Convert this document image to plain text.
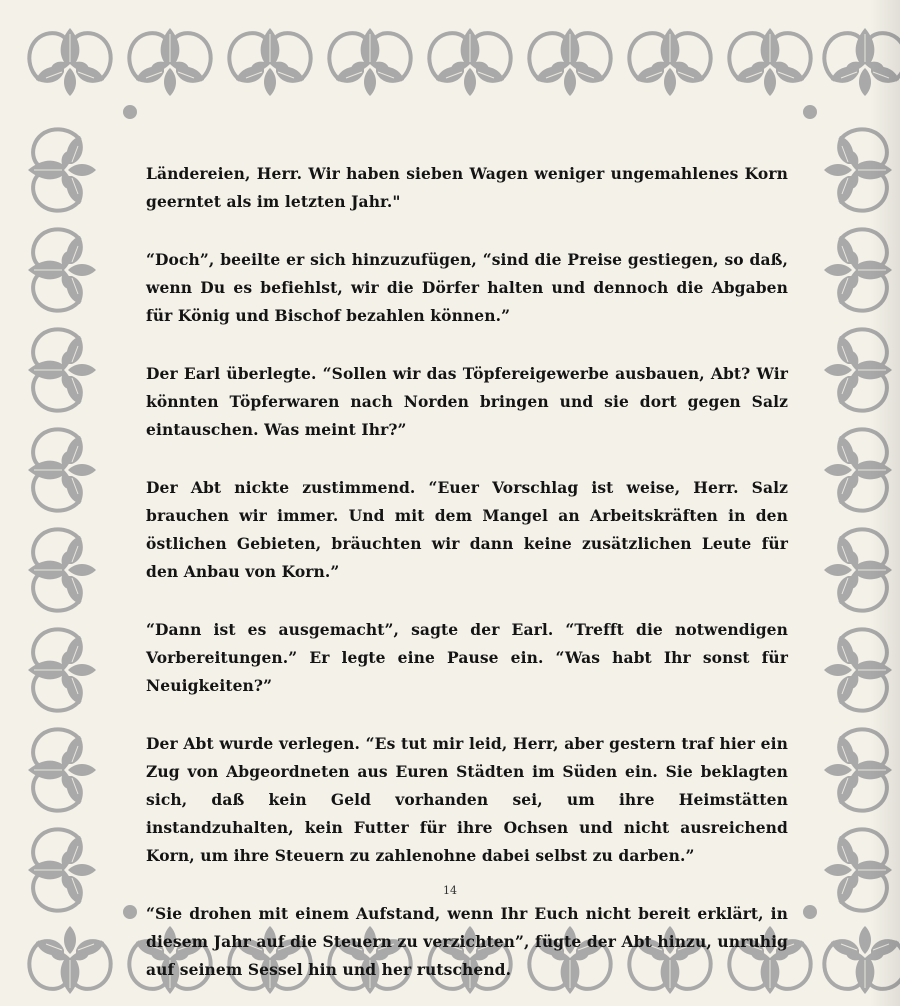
Ländereien, Herr. Wir haben sieben Wagen weniger ungemahlenes Korn geerntet als im letzten Jahr."

“Doch”, beeilte er sich hinzuzufügen, “sind die Preise gestiegen, so daß, wenn Du es befiehlst, wir die Dörfer halten und dennoch die Abgaben für König und Bischof bezahlen können.”

Der Earl überlegte. “Sollen wir das Töpfereigewerbe ausbauen, Abt? Wir könnten Töpferwaren nach Norden bringen und sie dort gegen Salz eintauschen. Was meint Ihr?”

Der Abt nickte zustimmend. “Euer Vorschlag ist weise, Herr. Salz brauchen wir immer. Und mit dem Mangel an Arbeitskräften in den östlichen Gebieten, bräuchten wir dann keine zusätzlichen Leute für den Anbau von Korn.”

“Dann ist es ausgemacht”, sagte der Earl. “Trefft die notwendigen Vorbereitungen.” Er legte eine Pause ein. “Was habt Ihr sonst für Neuigkeiten?”

Der Abt wurde verlegen. “Es tut mir leid, Herr, aber gestern traf hier ein Zug von Abgeordneten aus Euren Städten im Süden ein. Sie beklagten sich, daß kein Geld vorhanden sei, um ihre Heimstätten instandzuhalten, kein Futter für ihre Ochsen und nicht ausreichend Korn, um ihre Steuern zu zahlenohne dabei selbst zu darben.”

“Sie drohen mit einem Aufstand, wenn Ihr Euch nicht bereit erklärt, in diesem Jahr auf die Steuern zu verzichten”, fügte der Abt hinzu, unruhig auf seinem Sessel hin und her rutschend.

14
